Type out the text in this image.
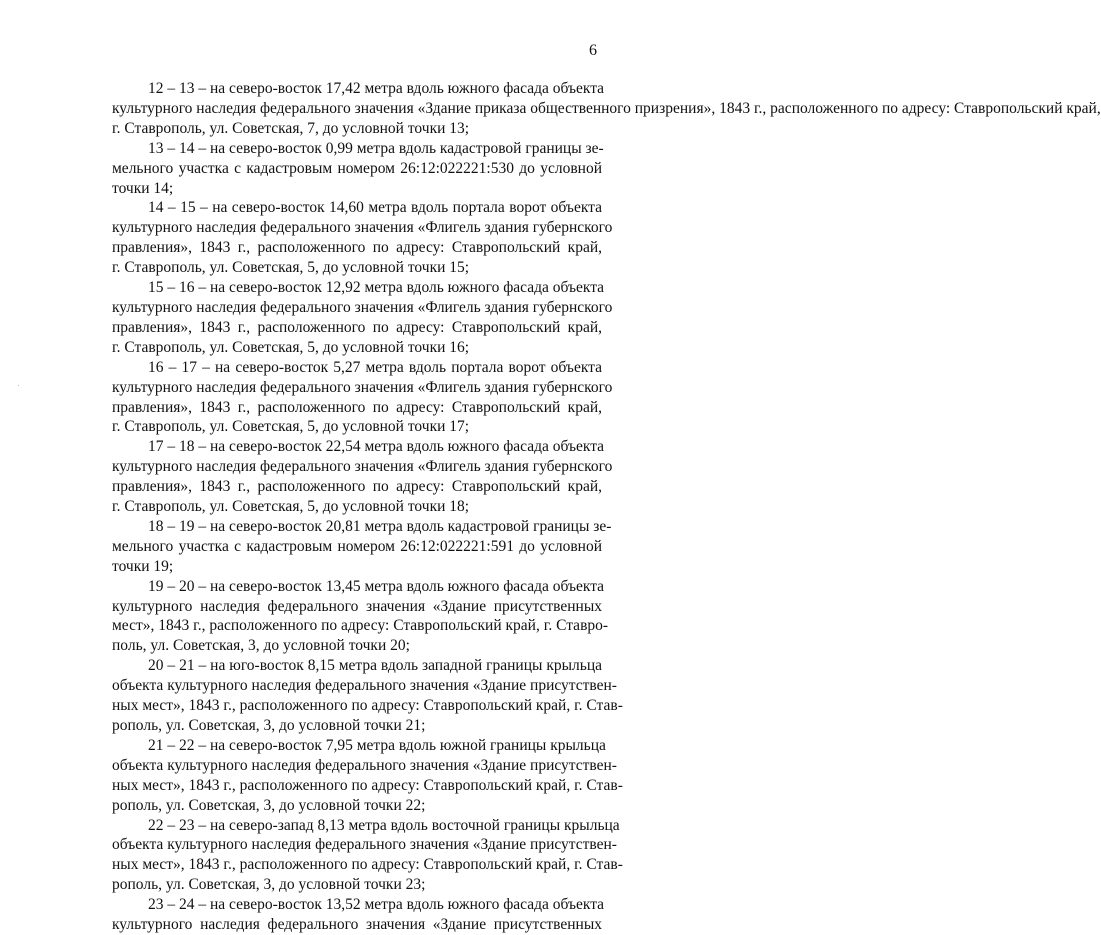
6
12 – 13 – на северо-восток 17,42 метра вдоль южного фасада объекта
культурного наследия федерального значения «Здание приказа общественного призрения», 1843 г., расположенного по адресу: Ставропольский край,
г. Ставрополь, ул. Советская, 7, до условной точки 13;
13 – 14 – на северо-восток 0,99 метра вдоль кадастровой границы зе-
мельного участка с кадастровым номером 26:12:022221:530 до условной
точки 14;
14 – 15 – на северо-восток 14,60 метра вдоль портала ворот объекта
культурного наследия федерального значения «Флигель здания губернского
правления», 1843 г., расположенного по адресу: Ставропольский край,
г. Ставрополь, ул. Советская, 5, до условной точки 15;
15 – 16 – на северо-восток 12,92 метра вдоль южного фасада объекта
культурного наследия федерального значения «Флигель здания губернского
правления», 1843 г., расположенного по адресу: Ставропольский край,
г. Ставрополь, ул. Советская, 5, до условной точки 16;
16 – 17 – на северо-восток 5,27 метра вдоль портала ворот объекта
культурного наследия федерального значения «Флигель здания губернского
правления», 1843 г., расположенного по адресу: Ставропольский край,
г. Ставрополь, ул. Советская, 5, до условной точки 17;
17 – 18 – на северо-восток 22,54 метра вдоль южного фасада объекта
культурного наследия федерального значения «Флигель здания губернского
правления», 1843 г., расположенного по адресу: Ставропольский край,
г. Ставрополь, ул. Советская, 5, до условной точки 18;
18 – 19 – на северо-восток 20,81 метра вдоль кадастровой границы зе-
мельного участка с кадастровым номером 26:12:022221:591 до условной
точки 19;
19 – 20 – на северо-восток 13,45 метра вдоль южного фасада объекта
культурного наследия федерального значения «Здание присутственных
мест», 1843 г., расположенного по адресу: Ставропольский край, г. Ставро-
поль, ул. Советская, 3, до условной точки 20;
20 – 21 – на юго-восток 8,15 метра вдоль западной границы крыльца
объекта культурного наследия федерального значения «Здание присутствен-
ных мест», 1843 г., расположенного по адресу: Ставропольский край, г. Став-
рополь, ул. Советская, 3, до условной точки 21;
21 – 22 – на северо-восток 7,95 метра вдоль южной границы крыльца
объекта культурного наследия федерального значения «Здание присутствен-
ных мест», 1843 г., расположенного по адресу: Ставропольский край, г. Став-
рополь, ул. Советская, 3, до условной точки 22;
22 – 23 – на северо-запад 8,13 метра вдоль восточной границы крыльца
объекта культурного наследия федерального значения «Здание присутствен-
ных мест», 1843 г., расположенного по адресу: Ставропольский край, г. Став-
рополь, ул. Советская, 3, до условной точки 23;
23 – 24 – на северо-восток 13,52 метра вдоль южного фасада объекта
культурного наследия федерального значения «Здание присутственных
